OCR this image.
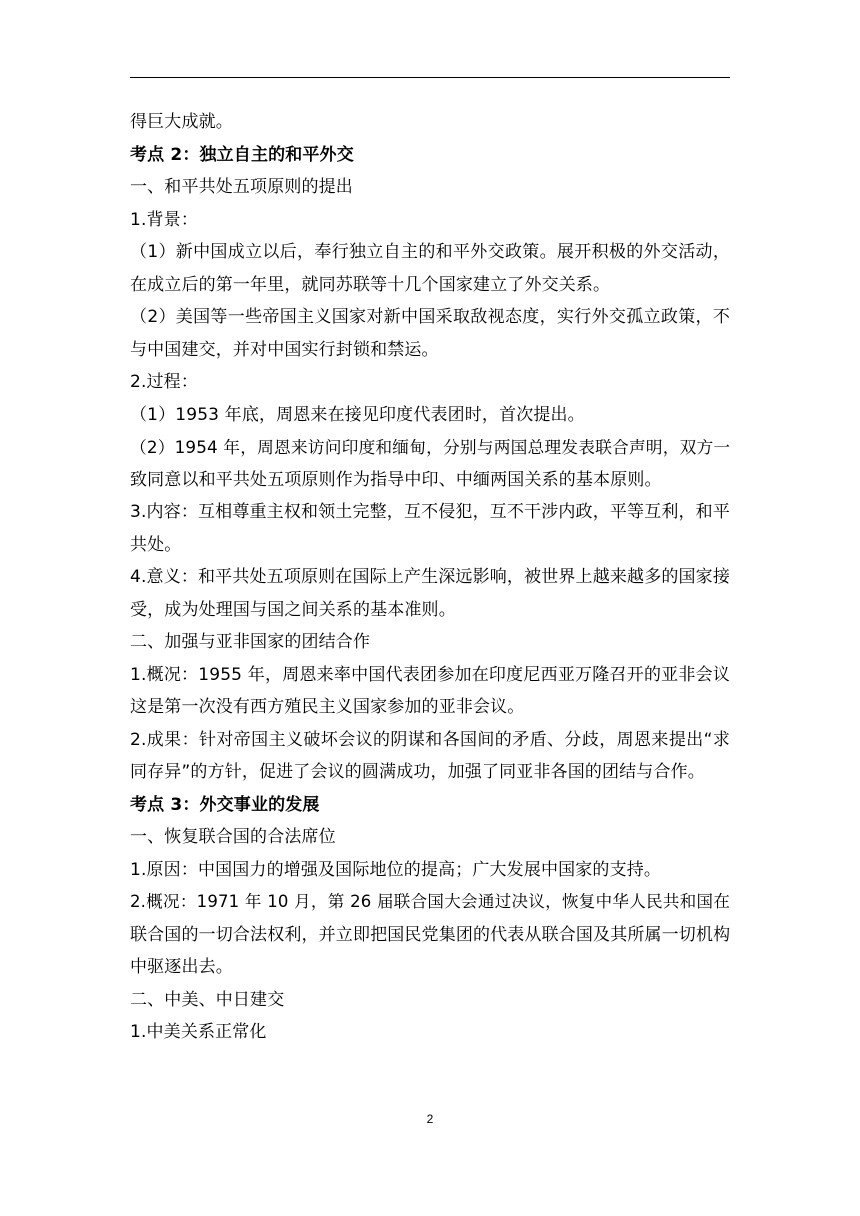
得巨大成就。
考点 2：独立自主的和平外交
一、和平共处五项原则的提出
1.背景：
（1）新中国成立以后，奉行独立自主的和平外交政策。展开积极的外交活动，
在成立后的第一年里，就同苏联等十几个国家建立了外交关系。
（2）美国等一些帝国主义国家对新中国采取敌视态度，实行外交孤立政策，不
与中国建交，并对中国实行封锁和禁运。
2.过程：
（1）1953 年底，周恩来在接见印度代表团时，首次提出。
（2）1954 年，周恩来访问印度和缅甸，分别与两国总理发表联合声明，双方一
致同意以和平共处五项原则作为指导中印、中缅两国关系的基本原则。
3.内容：互相尊重主权和领土完整，互不侵犯，互不干涉内政，平等互利，和平
共处。
4.意义：和平共处五项原则在国际上产生深远影响，被世界上越来越多的国家接
受，成为处理国与国之间关系的基本准则。
二、加强与亚非国家的团结合作
1.概况：1955 年，周恩来率中国代表团参加在印度尼西亚万隆召开的亚非会议
这是第一次没有西方殖民主义国家参加的亚非会议。
2.成果：针对帝国主义破坏会议的阴谋和各国间的矛盾、分歧，周恩来提出“求
同存异”的方针，促进了会议的圆满成功，加强了同亚非各国的团结与合作。
考点 3：外交事业的发展
一、恢复联合国的合法席位
1.原因：中国国力的增强及国际地位的提高；广大发展中国家的支持。
2.概况：1971 年 10 月，第 26 届联合国大会通过决议，恢复中华人民共和国在
联合国的一切合法权利，并立即把国民党集团的代表从联合国及其所属一切机构
中驱逐出去。
二、中美、中日建交
1.中美关系正常化
2
